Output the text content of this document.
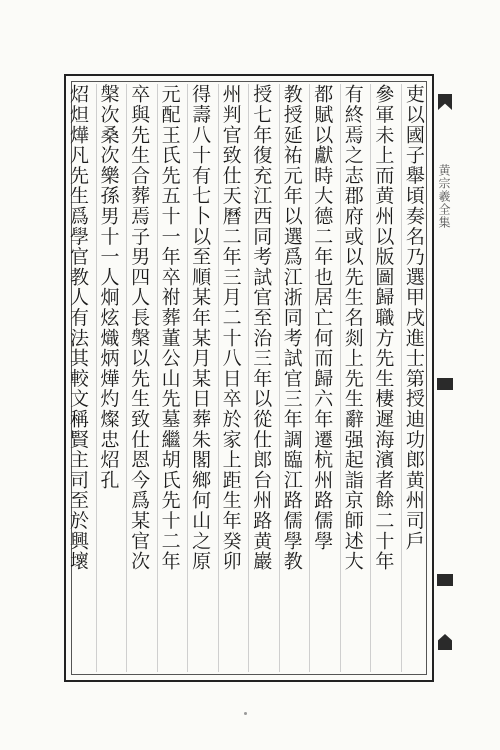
吏以國子舉頃奏名乃選甲戌進士第授迪功郎黄州司戶
參軍未上而黄州以版圖歸職方先生棲遲海濱者餘二十年
有終焉之志郡府或以先生名剡上先生辭强起詣京師述大
都賦以獻時大德二年也居亡何而歸六年遷杭州路儒學
教授延祐元年以選爲江浙同考試官三年調臨江路儒學教
授七年復充江西同考試官至治三年以從仕郎台州路黄巖
州判官致仕天曆二年三月二十八日卒於家上距生年癸卯
得壽八十有七卜以至順某年某月某日葬朱閣鄉何山之原
元配王氏先五十一年卒祔葬董公山先墓繼胡氏先十二年
卒與先生合葬焉子男四人長槃以先生致仕恩今爲某官次
槃次桑次樂孫男十一人炯炫熾炳燁灼燦忠炤孔
炤炟燁凡先生爲學官教人有法其較文稱賢主司至於興壞	黄宗羲全集
